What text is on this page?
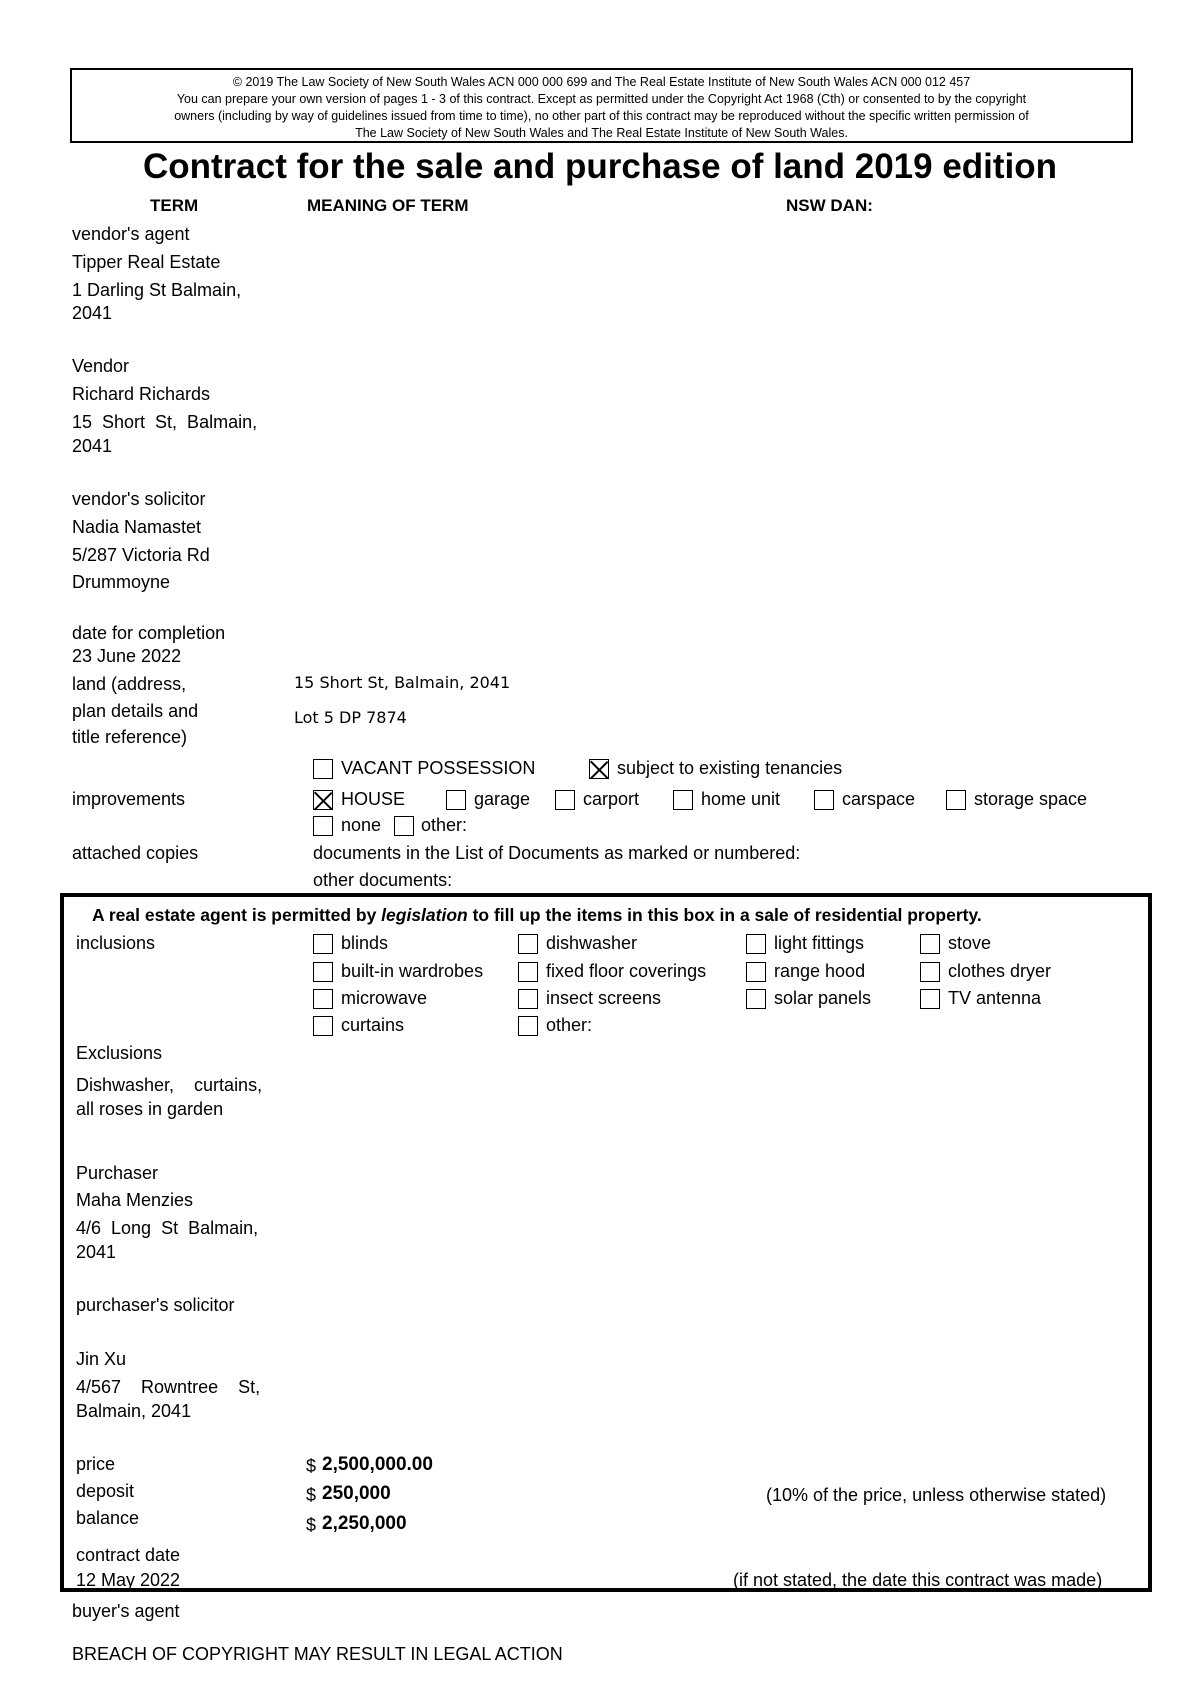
© 2019 The Law Society of New South Wales ACN 000 000 699 and The Real Estate Institute of New South Wales ACN 000 012 457
You can prepare your own version of pages 1 - 3 of this contract. Except as permitted under the Copyright Act 1968 (Cth) or consented to by the copyright
owners (including by way of guidelines issued from time to time), no other part of this contract may be reproduced without the specific written permission of
The Law Society of New South Wales and The Real Estate Institute of New South Wales.
Contract for the sale and purchase of land 2019 edition
TERM	MEANING OF TERM	NSW DAN:
vendor's agent
Tipper Real Estate
1 Darling St Balmain,
2041
Vendor
Richard Richards
15  Short  St,  Balmain,
2041
vendor's solicitor
Nadia Namastet
5/287 Victoria Rd
Drummoyne
date for completion
23 June 2022
land (address,
plan details and
title reference)
15 Short St, Balmain, 2041
Lot 5 DP 7874
VACANT POSSESSION	subject to existing tenancies
improvements	HOUSE	garage	carport	home unit	carspace	storage space
none other:
attached copies	documents in the List of Documents as marked or numbered:
other documents:
A real estate agent is permitted by legislation to fill up the items in this box in a sale of residential property.
inclusions	blinds	dishwasher	light fittings	stove
built-in wardrobes	fixed floor coverings	range hood	clothes dryer
microwave	insect screens	solar panels	TV antenna
curtains	other:
Exclusions
Dishwasher,    curtains,
all roses in garden
Purchaser
Maha Menzies
4/6  Long  St  Balmain,
2041
purchaser's solicitor
Jin Xu
4/567    Rowntree    St,
Balmain, 2041
price	$ 2,500,000.00
deposit	$ 250,000	(10% of the price, unless otherwise stated)
balance	$ 2,250,000
contract date
12 May 2022	(if not stated, the date this contract was made)
buyer's agent
BREACH OF COPYRIGHT MAY RESULT IN LEGAL ACTION
